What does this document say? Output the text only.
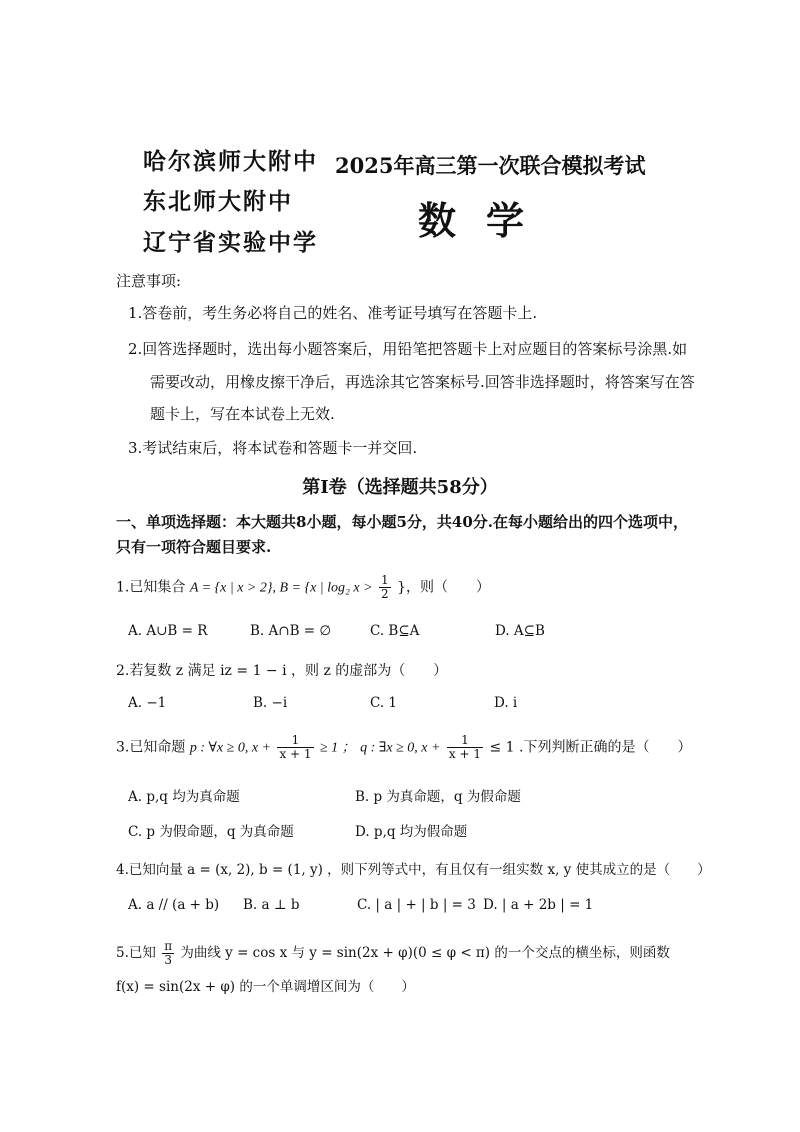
哈尔滨师大附中
东北师大附中
辽宁省实验中学
2025年高三第一次联合模拟考试
数学
注意事项:
1.答卷前，考生务必将自己的姓名、准考证号填写在答题卡上.
2.回答选择题时，选出每小题答案后，用铅笔把答题卡上对应题目的答案标号涂黑.如
需要改动，用橡皮擦干净后，再选涂其它答案标号.回答非选择题时，将答案写在答
题卡上，写在本试卷上无效.
3.考试结束后，将本试卷和答题卡一并交回.
第Ⅰ卷（选择题共58分）
一、单项选择题：本大题共8小题，每小题5分，共40分.在每小题给出的四个选项中，
只有一项符合题目要求.
1.已知集合 A = {x | x > 2}, B = {x | log₂ $x > \frac{1}{2}$ }，则（　　）
A. A∪B = R	B. A∩B = ∅	C. B⊆A	D. A⊆B
2.若复数 z 满足 iz = 1 − i ，则 z 的虚部为（　　）
A. −1	B. −i	C. 1	D. i
3.已知命题 p : ∀x ≥ 0, $x + \frac{1}{x + 1} \ge 1$ ； q : ∃x ≥ 0, $x + \frac{1}{x + 1} \le 1$ .下列判断正确的是（　　）
A. p,q 均为真命题	B. p 为真命题，q 为假命题
C. p 为假命题，q 为真命题	D. p,q 均为假命题
4.已知向量 a = (x, 2), b = (1, y) ，则下列等式中，有且仅有一组实数 x, y 使其成立的是（　　）
A. a // (a + b) B. a ⊥ b	C. | a | + | b | = 3 D. | a + 2b | = 1
5.已知 $\frac{\pi}{3}$ 为曲线 y = cos x 与 y = sin(2x + φ)(0 ≤ φ < π) 的一个交点的横坐标，则函数
f(x) = sin(2x + φ) 的一个单调增区间为（　　）
